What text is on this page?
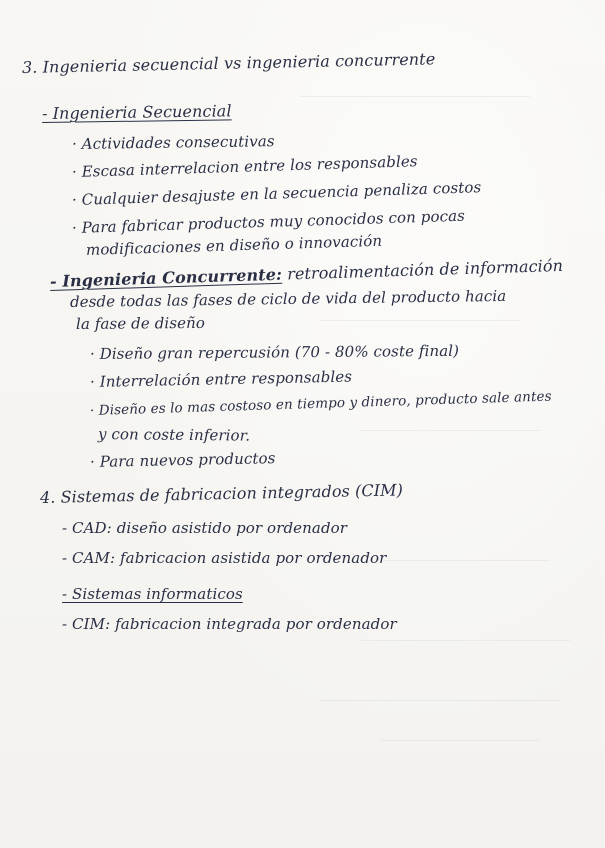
3. Ingenieria secuencial vs ingenieria concurrente
- Ingenieria Secuencial
· Actividades consecutivas
· Escasa interrelacion entre los responsables
· Cualquier desajuste en la secuencia penaliza costos
· Para fabricar productos muy conocidos con pocas
modificaciones en diseño o innovación
- Ingenieria Concurrente: retroalimentación de información
desde todas las fases de ciclo de vida del producto hacia
la fase de diseño
· Diseño gran repercusión (70 - 80% coste final)
· Interrelación entre responsables
· Diseño es lo mas costoso en tiempo y dinero, producto sale antes
y con coste inferior.
· Para nuevos productos
4. Sistemas de fabricacion integrados (CIM)
- CAD: diseño asistido por ordenador
- CAM: fabricacion asistida por ordenador
- Sistemas informaticos
- CIM: fabricacion integrada por ordenador
